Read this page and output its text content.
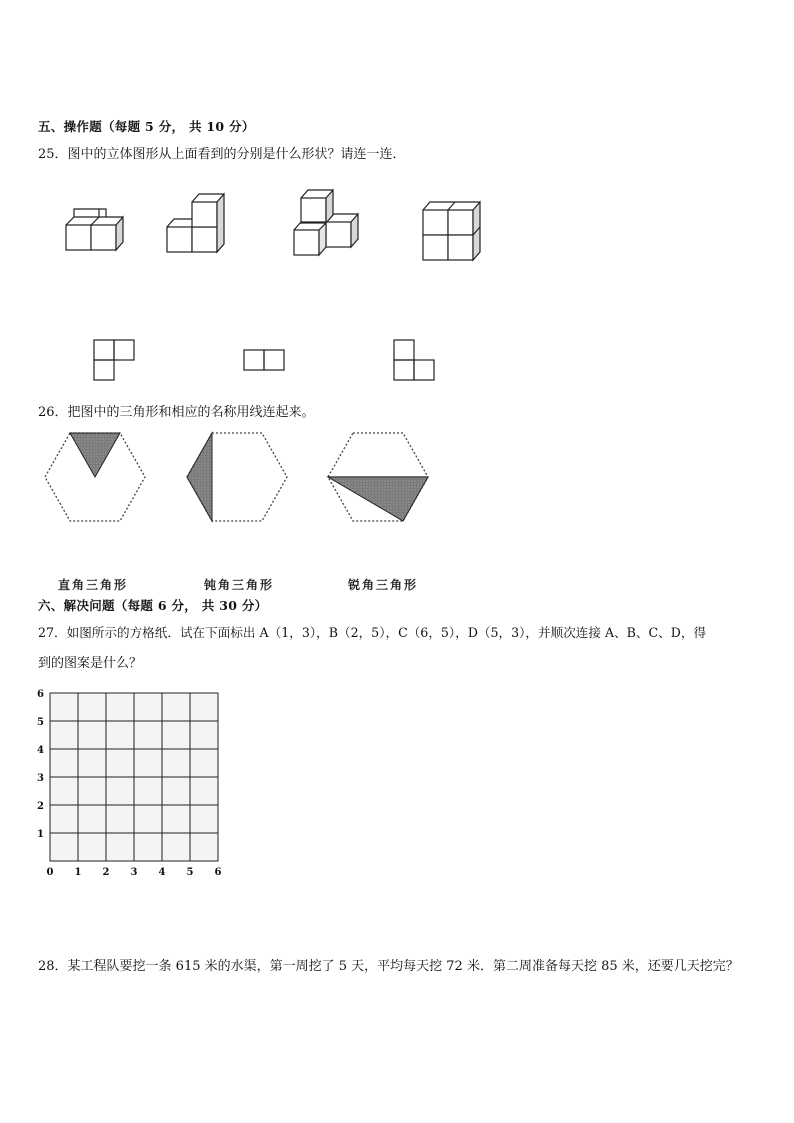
五、操作题（每题 5 分， 共 10 分）
25．图中的立体图形从上面看到的分别是什么形状？请连一连．
26．把图中的三角形和相应的名称用线连起来。
直角三角形	钝角三角形	锐角三角形
六、解决问题（每题 6 分， 共 30 分）
27．如图所示的方格纸．试在下面标出 A（1，3），B（2，5），C（6，5），D（5，3），并顺次连接 A、B、C、D，得
到的图案是什么？
0 1 2 3 4 5 6
1
2
3
4
5
6
28．某工程队要挖一条 615 米的水渠，第一周挖了 5 天，平均每天挖 72 米．第二周准备每天挖 85 米，还要几天挖完？
